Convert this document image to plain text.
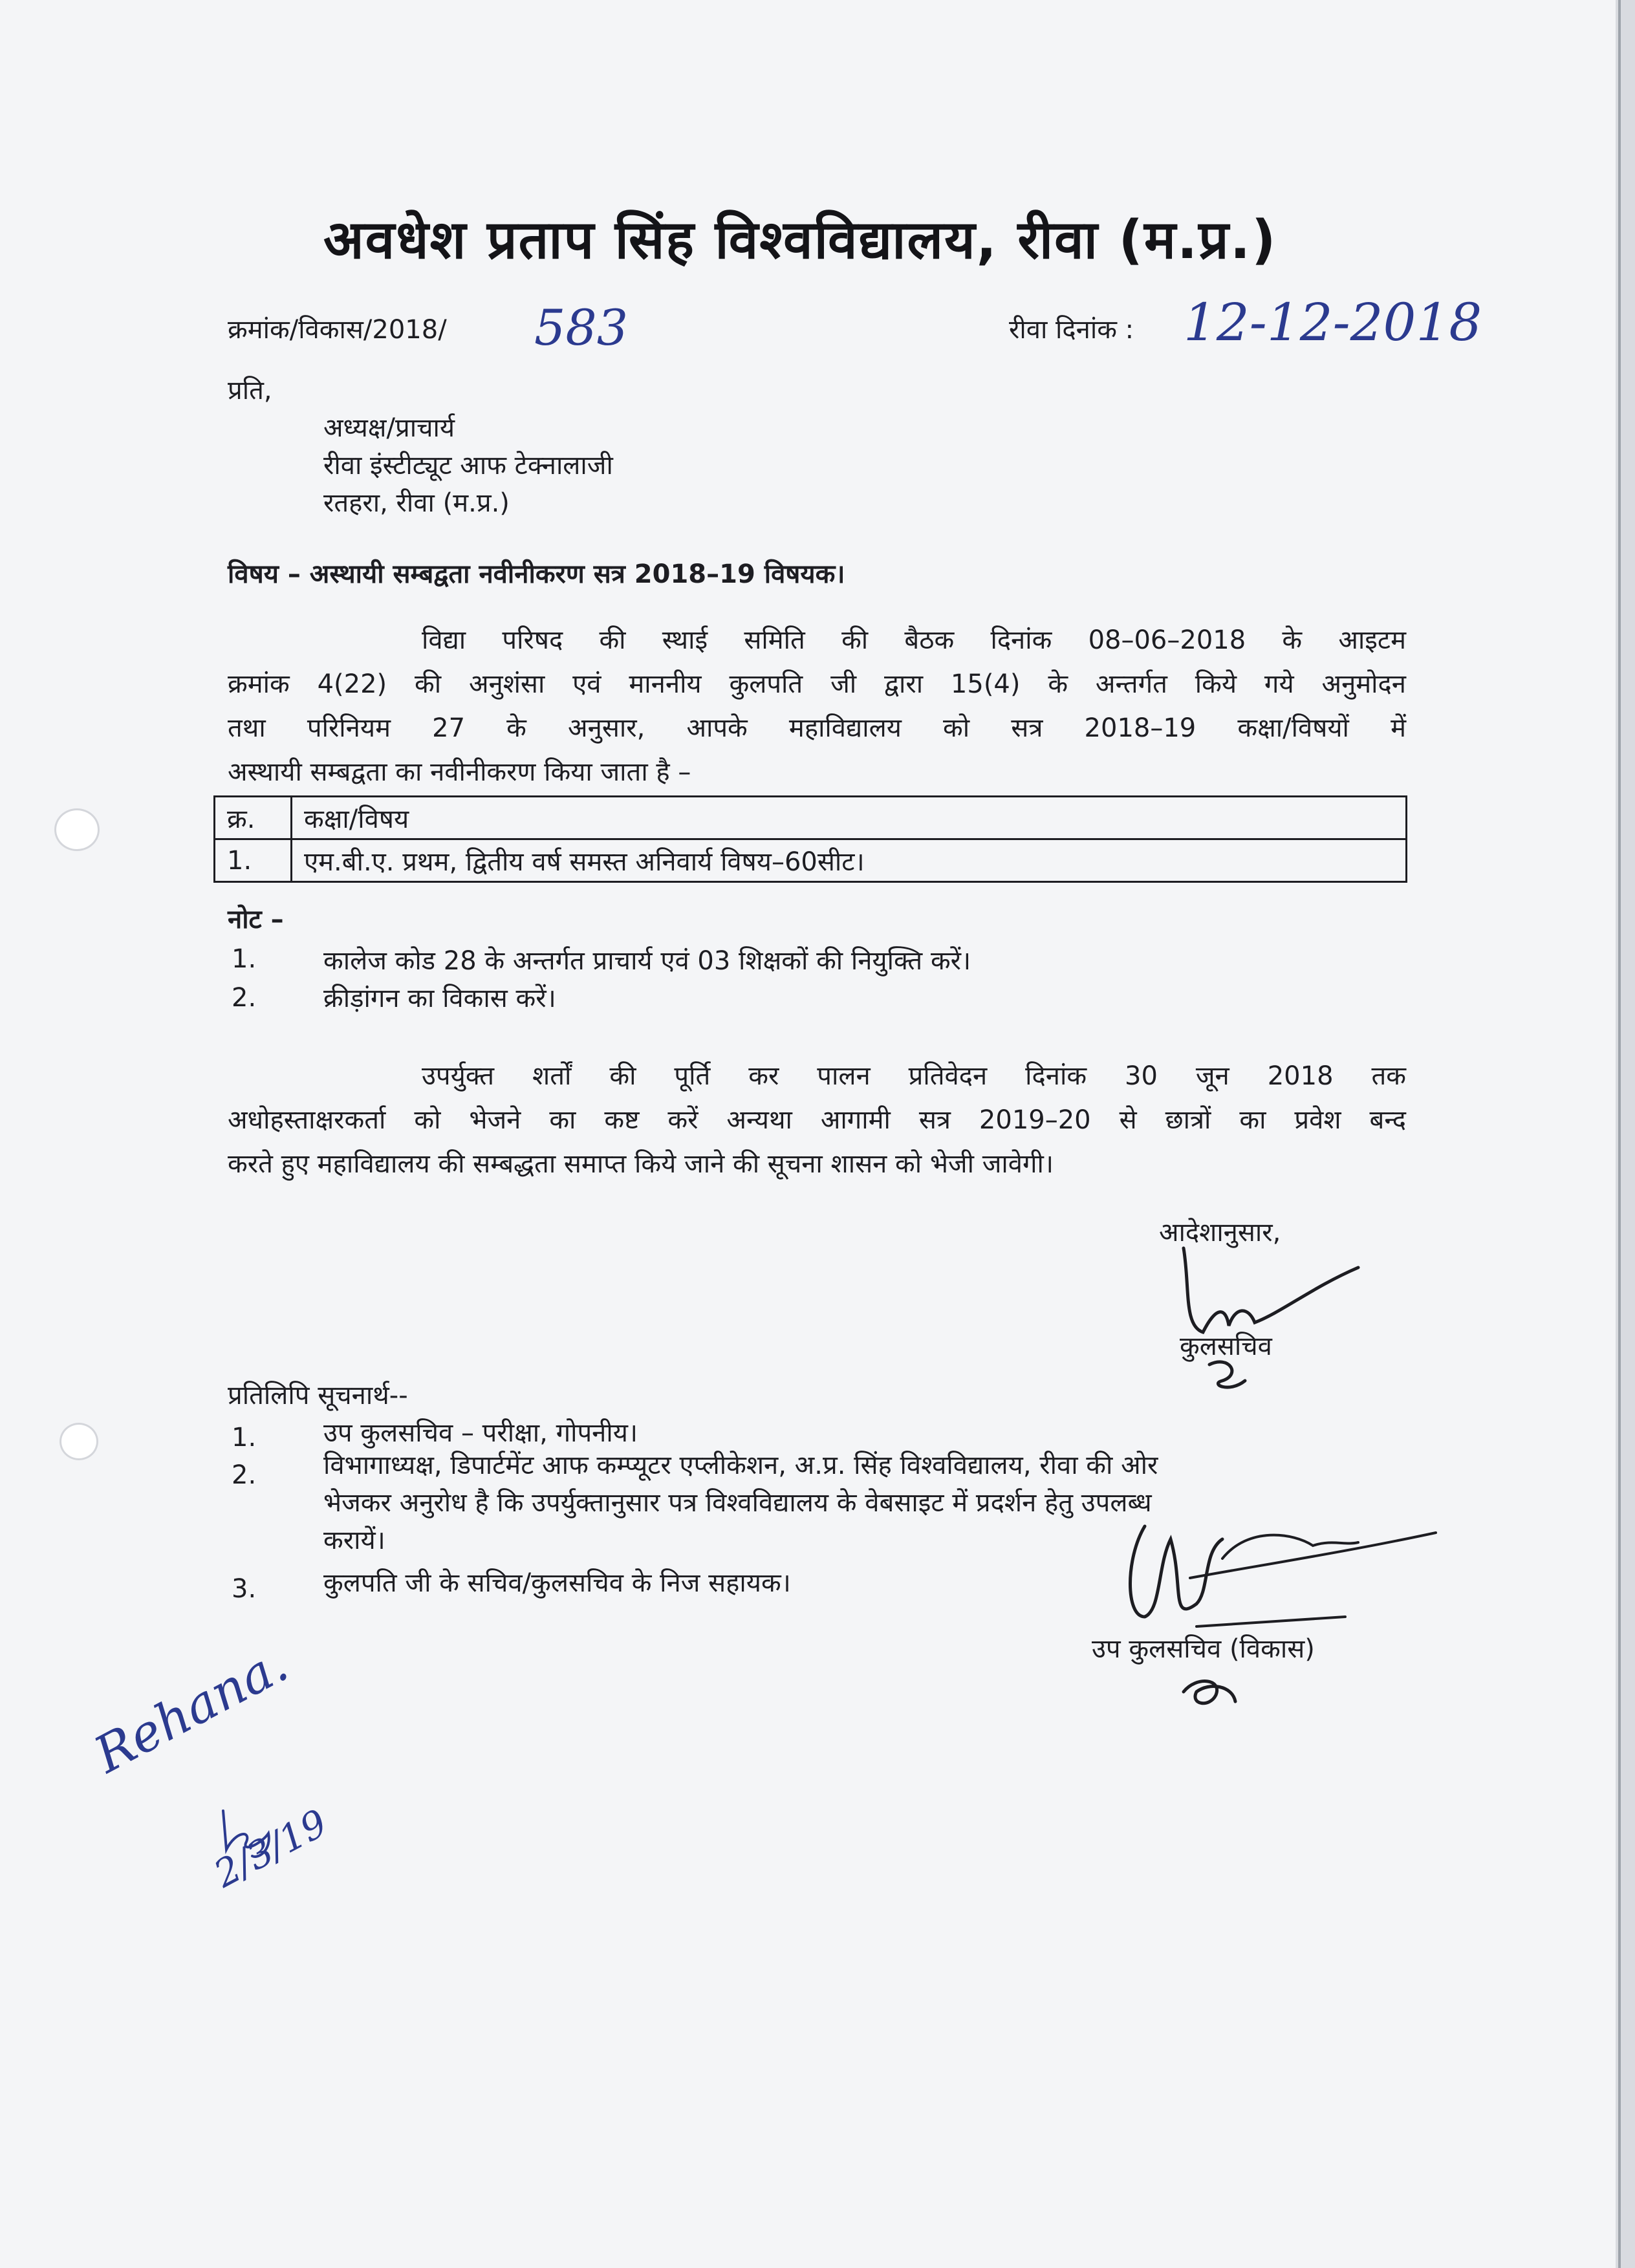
अवधेश प्रताप सिंह विश्वविद्यालय, रीवा (म.प्र.)
क्रमांक/विकास/2018/ 583	रीवा दिनांक : 12-12-2018
प्रति,
अध्यक्ष/प्राचार्य
रीवा इंस्टीट्यूट आफ टेक्नालाजी
रतहरा, रीवा (म.प्र.)
विषय – अस्थायी सम्बद्वता नवीनीकरण सत्र 2018–19 विषयक।
विद्या परिषद की स्थाई समिति की बैठक दिनांक 08–06–2018 के आइटम
क्रमांक 4(22) की अनुशंसा एवं माननीय कुलपति जी द्वारा 15(4) के अन्तर्गत किये गये अनुमोदन
तथा परिनियम 27 के अनुसार, आपके महाविद्यालय को सत्र 2018–19 कक्षा/विषयों में
अस्थायी सम्बद्वता का नवीनीकरण किया जाता है –
क्र.	कक्षा/विषय
1.	एम.बी.ए. प्रथम, द्वितीय वर्ष समस्त अनिवार्य विषय–60सीट।
नोट –
1.	कालेज कोड 28 के अन्तर्गत प्राचार्य एवं 03 शिक्षकों की नियुक्ति करें।
2.	क्रीड़ांगन का विकास करें।
उपर्युक्त शर्तों की पूर्ति कर पालन प्रतिवेदन दिनांक 30 जून 2018 तक
अधोहस्ताक्षरकर्ता को भेजने का कष्ट करें अन्यथा आगामी सत्र 2019–20 से छात्रों का प्रवेश बन्द
करते हुए महाविद्यालय की सम्बद्धता समाप्त किये जाने की सूचना शासन को भेजी जावेगी।
आदेशानुसार,
कुलसचिव
प्रतिलिपि सूचनार्थ--
1.	उप कुलसचिव – परीक्षा, गोपनीय।
2.	विभागाध्यक्ष, डिपार्टमेंट आफ कम्प्यूटर एप्लीकेशन, अ.प्र. सिंह विश्वविद्यालय, रीवा की ओर
भेजकर अनुरोध है कि उपर्युक्तानुसार पत्र विश्वविद्यालय के वेबसाइट में प्रदर्शन हेतु उपलब्ध
करायें।
3.	कुलपति जी के सचिव/कुलसचिव के निज सहायक।
उप कुलसचिव (विकास)
Rehana.
2/3/19
